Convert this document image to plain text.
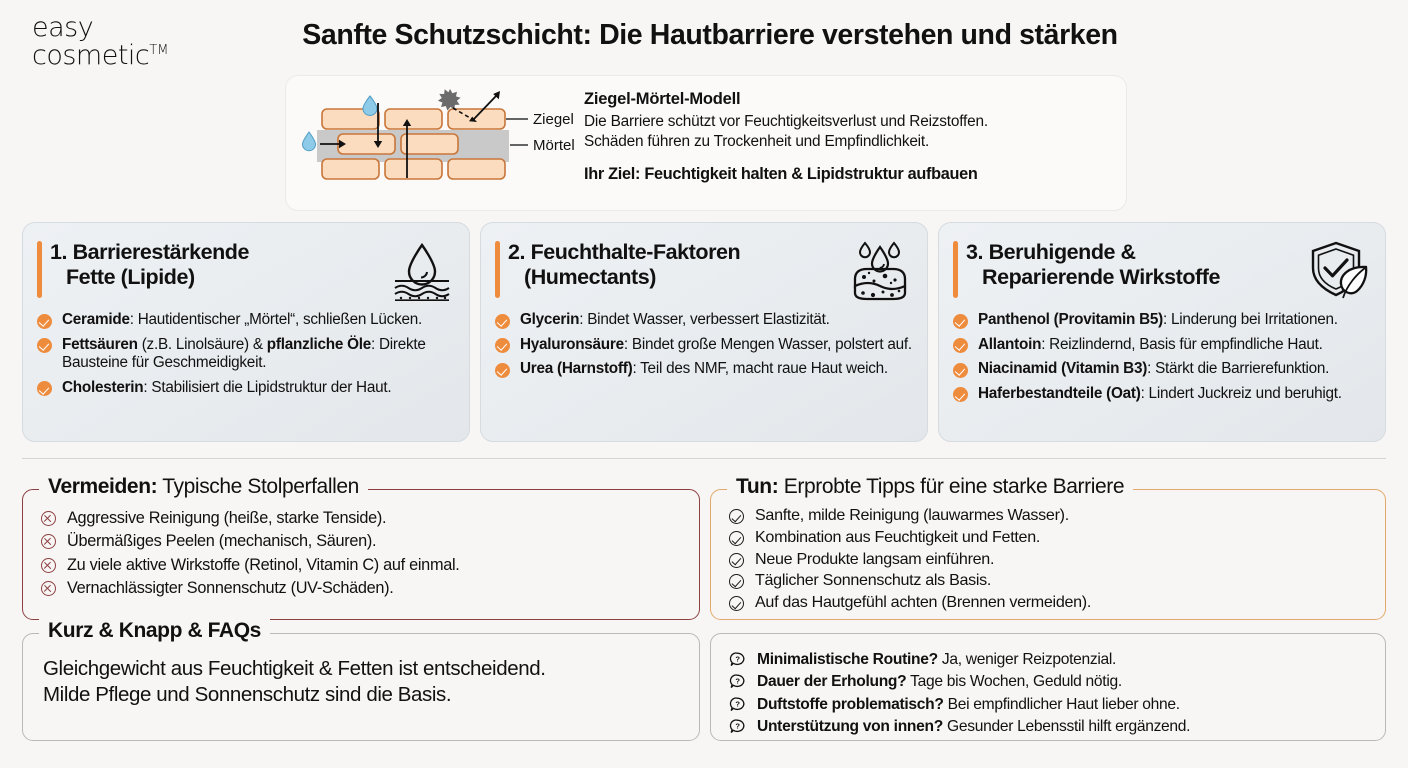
easy
cosmetic™	Sanfte Schutzschicht: Die Hautbarriere verstehen und stärken
Ziegel
Mörtel
Ziegel-Mörtel-Modell

Die Barriere schützt vor Feuchtigkeitsverlust und Reizstoffen.

Schäden führen zu Trockenheit und Empfindlichkeit.

Ihr Ziel: Feuchtigkeit halten & Lipidstruktur aufbauen
1. Barrierestärkende
Fette (Lipide)
Ceramide: Hautidentischer „Mörtel“, schließen Lücken.
Fettsäuren (z.B. Linolsäure) & pflanzliche Öle: Direkte Bausteine für Geschmeidigkeit.
Cholesterin: Stabilisiert die Lipidstruktur der Haut.
2. Feuchthalte-Faktoren
(Humectants)
Glycerin: Bindet Wasser, verbessert Elastizität.
Hyaluronsäure: Bindet große Mengen Wasser, polstert auf.
Urea (Harnstoff): Teil des NMF, macht raue Haut weich.
3. Beruhigende &
Reparierende Wirkstoffe
Panthenol (Provitamin B5): Linderung bei Irritationen.
Allantoin: Reizlindernd, Basis für empfindliche Haut.
Niacinamid (Vitamin B3): Stärkt die Barrierefunktion.
Haferbestandteile (Oat): Lindert Juckreiz und beruhigt.
Vermeiden: Typische Stolperfallen
Aggressive Reinigung (heiße, starke Tenside).
Übermäßiges Peelen (mechanisch, Säuren).
Zu viele aktive Wirkstoffe (Retinol, Vitamin C) auf einmal.
Vernachlässigter Sonnenschutz (UV-Schäden).
Tun: Erprobte Tipps für eine starke Barriere
Sanfte, milde Reinigung (lauwarmes Wasser).
Kombination aus Feuchtigkeit und Fetten.
Neue Produkte langsam einführen.
Täglicher Sonnenschutz als Basis.
Auf das Hautgefühl achten (Brennen vermeiden).
Kurz & Knapp & FAQs
Gleichgewicht aus Feuchtigkeit & Fetten ist entscheidend.
Milde Pflege und Sonnenschutz sind die Basis.
? Minimalistische Routine? Ja, weniger Reizpotenzial.
? Dauer der Erholung? Tage bis Wochen, Geduld nötig.
? Duftstoffe problematisch? Bei empfindlicher Haut lieber ohne.
? Unterstützung von innen? Gesunder Lebensstil hilft ergänzend.
